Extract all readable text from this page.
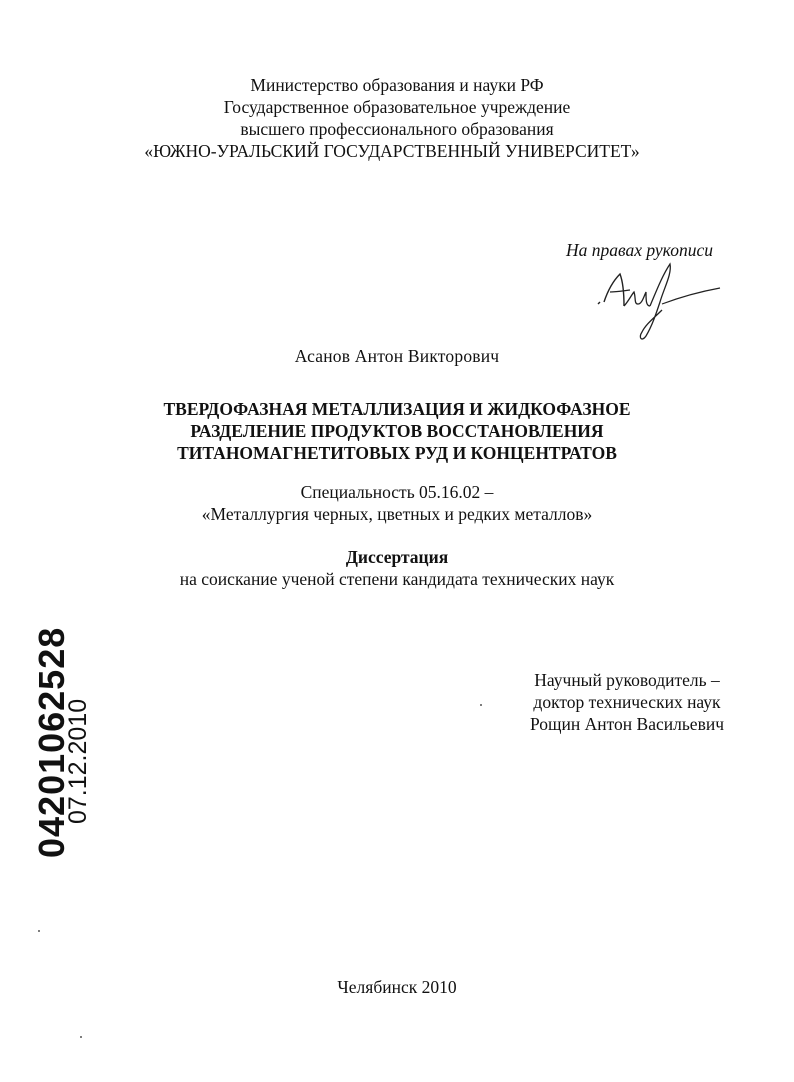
Министерство образования и науки РФ
Государственное образовательное учреждение
высшего профессионального образования
«ЮЖНО-УРАЛЬСКИЙ ГОСУДАРСТВЕННЫЙ УНИВЕРСИТЕТ»
На правах рукописи
Асанов Антон Викторович
ТВЕРДОФАЗНАЯ МЕТАЛЛИЗАЦИЯ И ЖИДКОФАЗНОЕ
РАЗДЕЛЕНИЕ ПРОДУКТОВ ВОССТАНОВЛЕНИЯ
ТИТАНОМАГНЕТИТОВЫХ РУД И КОНЦЕНТРАТОВ
Специальность 05.16.02 –
«Металлургия черных, цветных и редких металлов»
Диссертация
на соискание ученой степени кандидата технических наук
Научный руководитель –
доктор технических наук
Рощин Антон Васильевич
Челябинск 2010
04201062528
07.12.2010
